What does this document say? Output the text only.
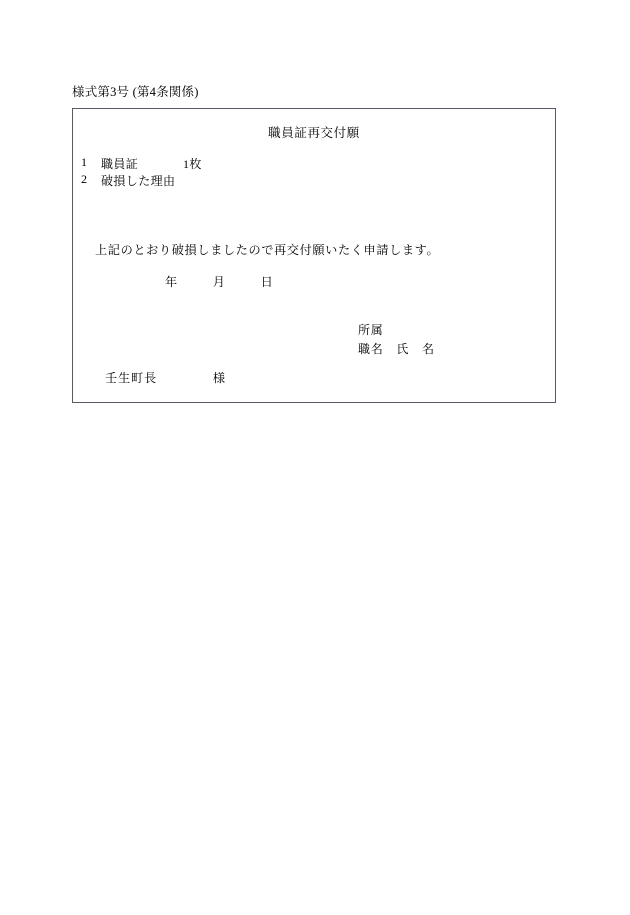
様式第3号 (第4条関係)
職員証再交付願
1 職員証	1枚
2 破損した理由
上記のとおり破損しましたので再交付願いたく申請します。
年	月	日
所属
職名　氏　名
壬生町長	様
